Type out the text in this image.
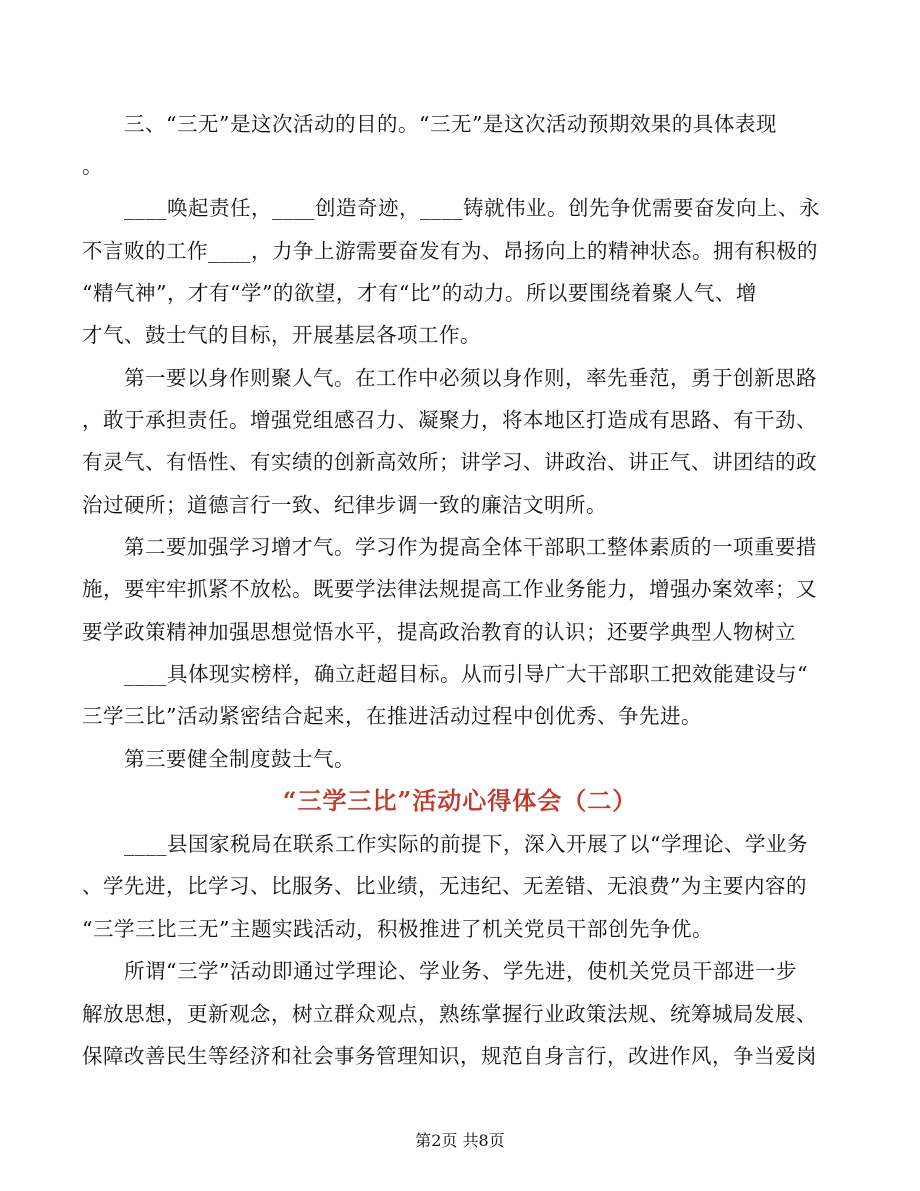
　　三、“三无”是这次活动的目的。“三无”是这次活动预期效果的具体表现
。
　　____唤起责任，____创造奇迹，____铸就伟业。创先争优需要奋发向上、永
不言败的工作____，力争上游需要奋发有为、昂扬向上的精神状态。拥有积极的
“精气神”，才有“学”的欲望，才有“比”的动力。所以要围绕着聚人气、增
才气、鼓士气的目标，开展基层各项工作。
　　第一要以身作则聚人气。在工作中必须以身作则，率先垂范，勇于创新思路
，敢于承担责任。增强党组感召力、凝聚力，将本地区打造成有思路、有干劲、
有灵气、有悟性、有实绩的创新高效所；讲学习、讲政治、讲正气、讲团结的政
治过硬所；道德言行一致、纪律步调一致的廉洁文明所。
　　第二要加强学习增才气。学习作为提高全体干部职工整体素质的一项重要措
施，要牢牢抓紧不放松。既要学法律法规提高工作业务能力，增强办案效率；又
要学政策精神加强思想觉悟水平，提高政治教育的认识；还要学典型人物树立
　　____具体现实榜样，确立赶超目标。从而引导广大干部职工把效能建设与“
三学三比”活动紧密结合起来，在推进活动过程中创优秀、争先进。
　　第三要健全制度鼓士气。
“三学三比”活动心得体会（二）
　　____县国家税局在联系工作实际的前提下，深入开展了以“学理论、学业务
、学先进，比学习、比服务、比业绩，无违纪、无差错、无浪费”为主要内容的
“三学三比三无”主题实践活动，积极推进了机关党员干部创先争优。
　　所谓“三学”活动即通过学理论、学业务、学先进，使机关党员干部进一步
解放思想，更新观念，树立群众观点，熟练掌握行业政策法规、统筹城局发展、
保障改善民生等经济和社会事务管理知识，规范自身言行，改进作风，争当爱岗
第2页 共8页
